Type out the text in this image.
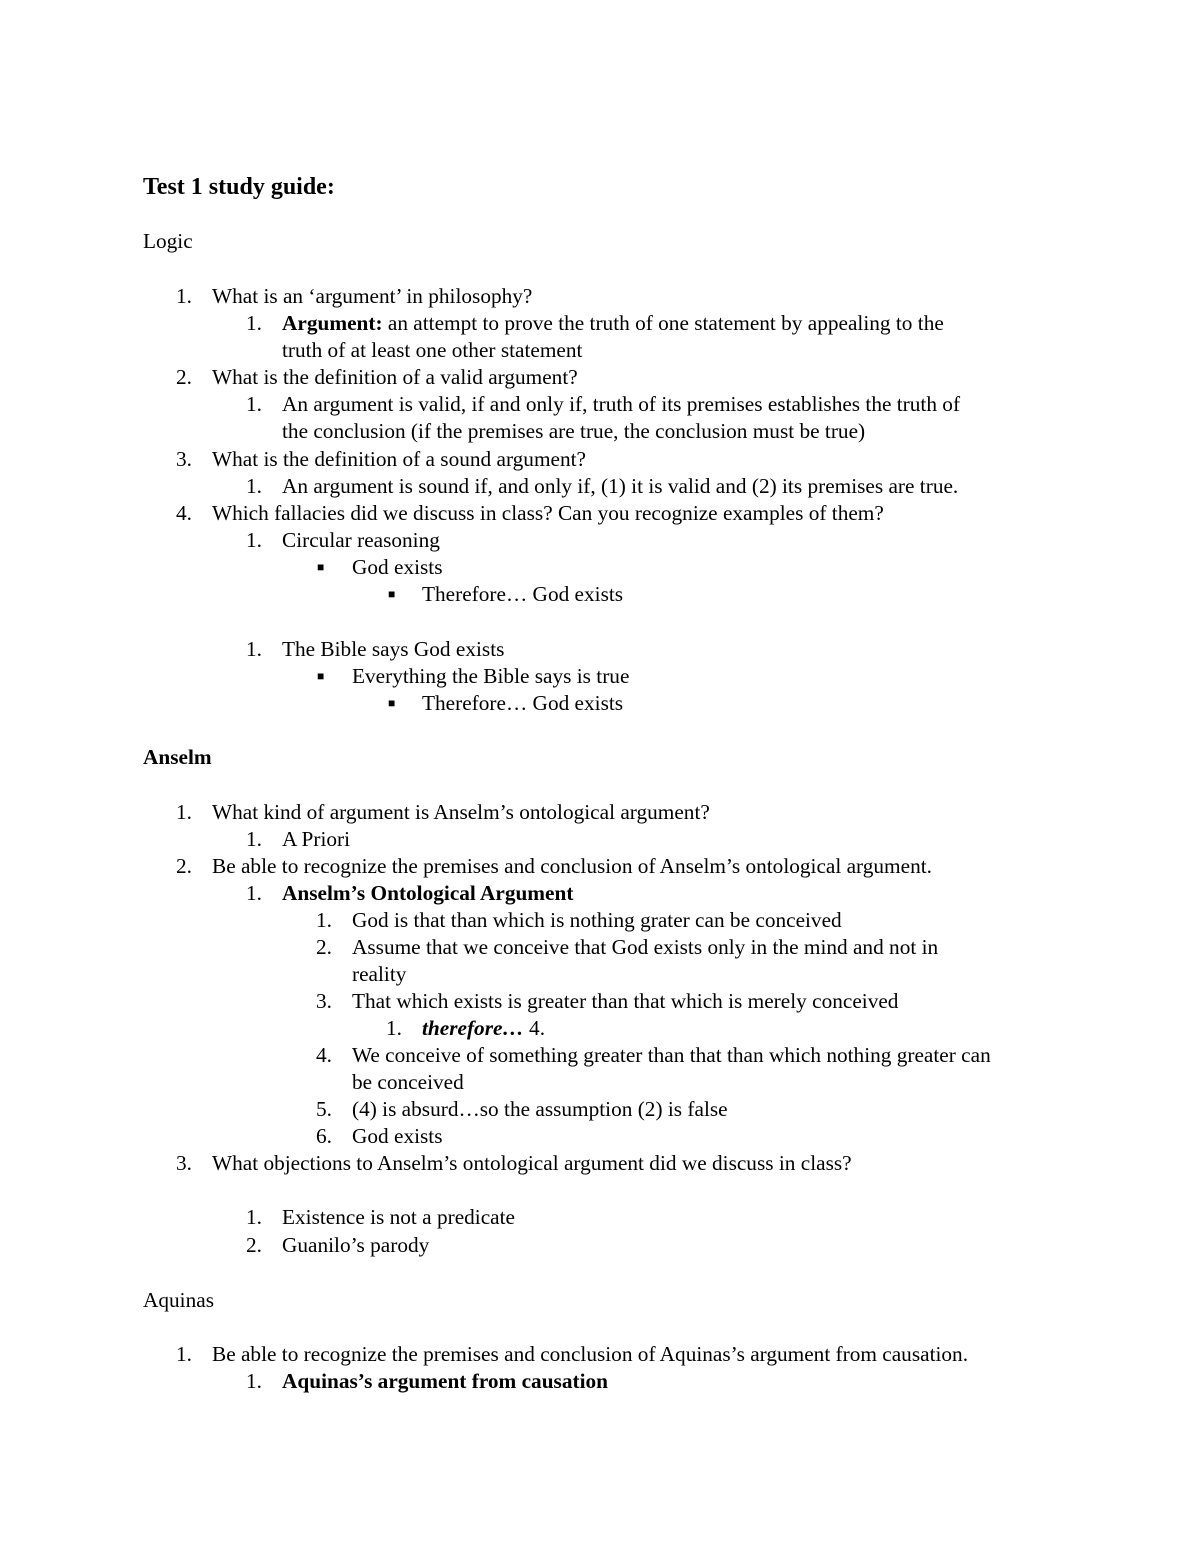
Test 1 study guide:
Logic
1. What is an ‘argument’ in philosophy?
1. Argument: an attempt to prove the truth of one statement by appealing to the
truth of at least one other statement
2. What is the definition of a valid argument?
1. An argument is valid, if and only if, truth of its premises establishes the truth of
the conclusion (if the premises are true, the conclusion must be true)
3. What is the definition of a sound argument?
1. An argument is sound if, and only if, (1) it is valid and (2) its premises are true.
4. Which fallacies did we discuss in class? Can you recognize examples of them?
1. Circular reasoning
■ God exists
■ Therefore… God exists
1. The Bible says God exists
■ Everything the Bible says is true
■ Therefore… God exists
Anselm
1. What kind of argument is Anselm’s ontological argument?
1. A Priori
2. Be able to recognize the premises and conclusion of Anselm’s ontological argument.
1. Anselm’s Ontological Argument
1. God is that than which is nothing grater can be conceived
2. Assume that we conceive that God exists only in the mind and not in
reality
3. That which exists is greater than that which is merely conceived
1. therefore… 4.
4. We conceive of something greater than that than which nothing greater can
be conceived
5. (4) is absurd…so the assumption (2) is false
6. God exists
3. What objections to Anselm’s ontological argument did we discuss in class?
1. Existence is not a predicate
2. Guanilo’s parody
Aquinas
1. Be able to recognize the premises and conclusion of Aquinas’s argument from causation.
1. Aquinas’s argument from causation
